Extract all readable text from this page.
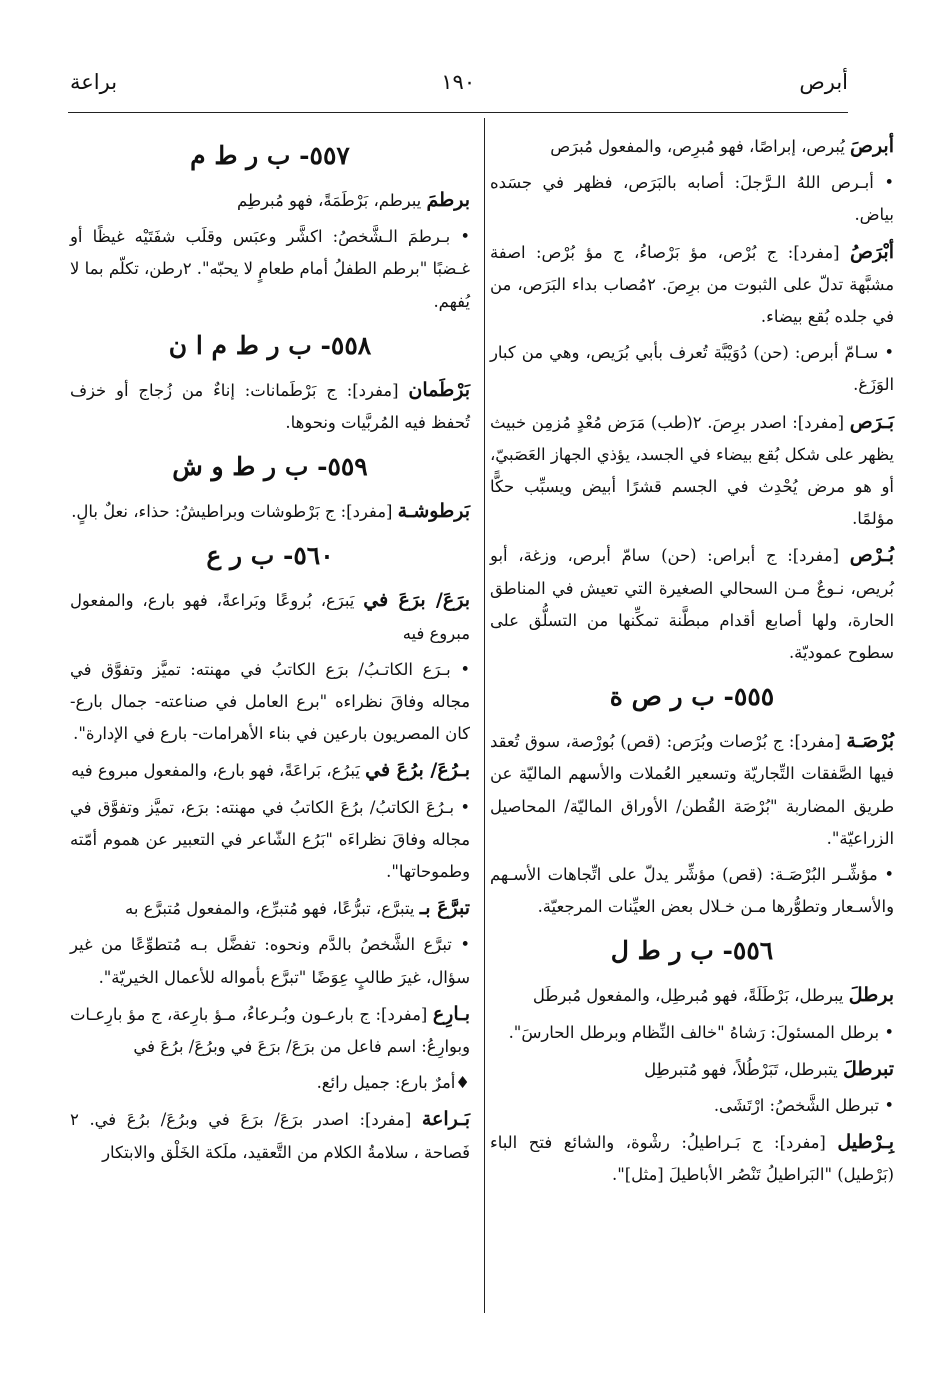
أبرص
١٩٠
براعة

أبرصَ يُبرص، إبراصًا، فهو مُبرِص، والمفعول مُبرَص

• أبـرص اللهُ الـرَّجلَ: أصابه بالبَرَص، فظهر في جسَده بياض.

أبْرَصُ [مفرد]: ج بُرْص، مؤ بَرْصاءُ، ج مؤ بُرْص: اصفة مشبَّهة تدلّ على الثبوت من برِصَ. ٢مُصاب بداء البَرَص، من في جلده بُقع بيضاء.

• سـامّ أبرص: (حن) دُوَيْبَّة تُعرف بأبي بُرَيص، وهي من كبار الوَزَغ.

بَـرَص [مفرد]: اصدر برِصَ. ٢(طب) مَرَض مُعْدٍ مُزمِن خبيث يظهر على شكل بُقع بيضاء في الجسد، يؤذي الجهاز العَصَبيّ، أو هو مرض يُحْدِث في الجسم قشرًا أبيض ويسبِّب حكًّا مؤلمًا.

بُـرْص [مفرد]: ج أبراص: (حن) سامّ أبرص، وزغة، أبو بُريص، نـوعٌ مـن السحالي الصغيرة التي تعيش في المناطق الحارة، ولها أصابع أقدام مبطَّنة تمكِّنها من التسلُّق على سطوح عموديّة.

٥٥٥- ب ر ص ة

بُرْصَـة [مفرد]: ج بُرْصات وبُرَص: (قص) بُورْصة، سوق تُعقد فيها الصَّفقات التِّجاريّة وتسعير العُملات والأسهم الماليّة عن طريق المضاربة "بُرْصَة القُطن/ الأوراق الماليّة/ المحاصيل الزراعيّة".

• مؤشِّـر البُرْصَـة: (قص) مؤشِّر يدلّ على اتِّجاهات الأسـهم والأسـعار وتطوُّرها مـن خـلال بعض العيِّنات المرجعيّة.

٥٥٦- ب ر ط ل

برطلَ يبرطل، بَرْطَلَةً، فهو مُبرطِل، والمفعول مُبرطَل

• برطل المسئولَ: رَشاهُ "خالف النِّظام وبرطل الحارسَ".

تبرطلَ يتبرطل، تَبَرْطُلاً، فهو مُتبرطِل

• تبرطل الشَّخصُ: ارْتَشَى.

بِـرْطيل [مفرد]: ج بَـراطيلُ: رشْوة، والشائع فتح الباء (بَرْطيل) "البَراطيلُ تَنْصُر الأباطيلَ [مثل]".

٥٥٧- ب ر ط م

برطمَ يبرطم، بَرْطَمَةً، فهو مُبرطِم

• بـرطمَ الـشَّخصُ: اكشَّر وعبَس وقلَب شفَتَيْه غيظًا أو غـضبًا "برطم الطفلُ أمام طعامٍ لا يحبّه". ٢رطن، تكلّم بما لا يُفهم.

٥٥٨- ب ر ط م ا ن

بَرْطَمان [مفرد]: ج بَرْطَمانات: إناءٌ من زُجاج أو خزف تُحفظ فيه المُربَّيات ونحوها.

٥٥٩- ب ر ط و ش

بَرطوشـة [مفرد]: ج بَرْطوشات وبراطيشُ: حذاء، نعلٌ بالٍ.

٥٦٠- ب ر ع

برَعَ/ برَعَ في يَبرَع، بُروعًا وبَراعةً، فهو بارع، والمفعول مبروع فيه

• بـرَع الكاتـبُ/ برَع الكاتبُ في مهنته: تميَّز وتفوَّق في مجاله وفاقَ نظراءه "برع العامل في صناعته- جمال بارع- كان المصريون بارعين في بناء الأهرامات- بارع في الإدارة".

بـرُعَ/ برُعَ في يَبرُع، بَراعَةً، فهو بارع، والمفعول مبروع فيه

• بـرُعَ الكاتبُ/ برُعَ الكاتبُ في مهنته: برَع، تميَّز وتفوَّق في مجاله وفاقَ نظراءَه "بَرُع الشّاعر في التعبير عن هموم أمّته وطموحاتها".

تبرَّعَ بـ يتبرَّع، تبرُّعًا، فهو مُتبرِّع، والمفعول مُتبرَّع به

• تبرَّع الشَّخصُ بالدَّم ونحوه: تفضَّل بـه مُتطوِّعًا من غير سؤال، غيرَ طالبٍ عِوَضًا "تبرَّع بأمواله للأعمال الخيريّة".

بـارِع [مفرد]: ج بارعـون وبُـرعاءُ، مـؤ بارِعة، ج مؤ بارِعـات وبوارِعُ: اسم فاعل من برَعَ/ برَعَ في وبرُعَ/ برُعَ في

♦أمرٌ بارع: جميل رائع.

بَـراعة [مفرد]: اصدر برَعَ/ برَعَ في وبرُعَ/ برُعَ في. ٢ فَصاحة ، سلامةُ الكلام من التَّعقيد، ملَكة الخَلْق والابتكار
